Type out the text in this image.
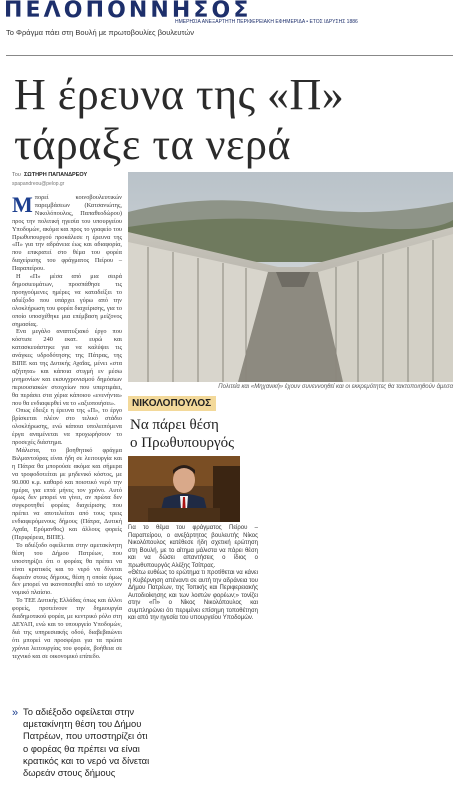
ΠΕΛΟΠΟΝΝΗΣΟΣ
ΗΜΕΡΗΣΙΑ ΑΝΕΞΑΡΤΗΤΗ ΠΕΡΙΦΕΡΕΙΑΚΗ ΕΦΗΜΕΡΙΔΑ • ΕΤΟΣ ΙΔΡΥΣΗΣ 1886
Το Φράγμα πάει στη Βουλή με πρωτοβουλίες βουλευτών
Η έρευνα της «Π»
τάραξε τα νερά
Του ΣΩΤΗΡΗ ΠΑΠΑΝΔΡΕΟΥ
spapandreou@pelop.gr

Μπορεί κοινοβουλευτικών παρεμβάσεων (Κατσανιώτης, Νικολόπουλος, Παπαθεοδώρου) προς την πολιτική ηγεσία του υπουργείου Υποδομών, ακόμα και προς το γραφείο του Πρωθυπουργού προκάλεσε η έρευνα της «Π» για την αδράνεια έως και αδιαφορία, που επικρατεί στο θέμα του φορέα διαχείρισης του φράγματος Πείρου – Παραπείρου.

Η «Π» μέσα από μια σειρά δημοσιευμάτων, προσπάθησε τις προηγούμενες ημέρες να καταδείξει το αδιέξοδο που υπάρχει γύρω από την ολοκλήρωση του φορέα διαχείρισης, για το οποίο υποσχέθηκε μια επέμβαση μείζονος σημασίας.

Ενα μεγάλο αναπτυξιακό έργο που κόστισε 240 εκατ. ευρώ και κατασκευάστηκε για να καλύψει τις ανάγκες υδροδότησης της Πάτρας, της ΒΙΠΕ και της Δυτικής Αχαΐας, μένει «στα αζήτητα» και κάποια στιγμή εν μέσω μνημονίων και εκσυγχρονισμού δημόσιων περιουσιακών στοιχείων που υπερτιμάει, θα περάσει στα χέρια κάποιου «ενενήντα» που θα ενδιαφερθεί να το «αξιοποιήσει».

Οπως έδειξε η έρευνα της «Π», το έργο βρίσκεται πλέον στο τελικό στάδιο ολοκλήρωσης, ενώ κάποια υπολειπόμενα έργα αναμένεται να προχωρήσουν το προσεχές διάστημα.

Μάλιστα, το βοηθητικό φράγμα Βιλμαντούρας είναι ήδη σε λειτουργία και η Πάτρα θα μπορούσε ακόμα και σήμερα να τροφοδοτείται με μηδενικό κόστος, με 90.000 κ.μ. καθαρό και ποιοτικό νερό την ημέρα, για επτά μήνες τον χρόνο. Αυτό όμως δεν μπορεί να γίνει, αν πρώτα δεν συγκροτηθεί φορέας διαχείρισης που πρέπει να αποτελείται από τους τρεις ενδιαφερόμενους δήμους (Πάτρα, Δυτική Αχαΐα, Ερύμανθος) και άλλους φορείς (Περιφέρεια, ΒΙΠΕ).

Το αδιέξοδο οφείλεται στην αμετακίνητη θέση του Δήμου Πατρέων, που υποστηρίζει ότι ο φορέας θα πρέπει να είναι κρατικός και το νερό να δίνεται δωρεάν στους δήμους, θέση η οποία όμως δεν μπορεί να ικανοποιηθεί από το ισχύον νομικό πλαίσιο.

Το ΤΕΕ Δυτικής Ελλάδας όπως και άλλοι φορείς, προτείνουν την δημιουργία διαδημοτικού φορέα, με κεντρικό ρόλο στη ΔΕΥΑΠ, ενώ και το υπουργείο Υποδομών, διά της υπηρεσιακής οδού, διαβεβαιώνει ότι μπορεί να προσφέρει για τα πρώτα χρόνια λειτουργίας του φορέα, βοήθεια σε τεχνικό και σε οικονομικό επίπεδο.

Πολιτεία και «Μηχανική» έχουν συνεννοηθεί και οι εκκρεμότητες θα τακτοποιηθούν άμεσα
ΝΙΚΟΛΟΠΟΥΛΟΣ
Να πάρει θέση
ο Πρωθυπουργός

Για το θέμα του φράγματος Πείρου – Παραπείρου, ο ανεξάρτητος βουλευτής Νίκος Νικολόπουλος κατέθεσε ήδη σχετική ερώτηση στη Βουλή, με το αίτημα μάλιστα να πάρει θέση και να δώσει απαντήσεις ο ίδιος ο πρωθυπουργός Αλέξης Τσίπρας.

«Θέτω ευθέως το ερώτημα τι προτίθεται να κάνει η Κυβέρνηση απέναντι σε αυτή την αδράνεια του Δήμου Πατρέων, της Τοπικής και Περιφερειακής Αυτοδιοίκησης και των λοιπών φορέων;» τονίζει στην «Π» ο Νίκος Νικολόπουλος και συμπληρώνει ότι περιμένει επίσημη τοποθέτηση και από την ηγεσία του υπουργείου Υποδομών.

» Το αδιέξοδο οφείλεται στην αμετακίνητη θέση του Δήμου Πατρέων, που υποστηρίζει ότι ο φορέας θα πρέπει να είναι κρατικός και το νερό να δίνεται δωρεάν στους δήμους
